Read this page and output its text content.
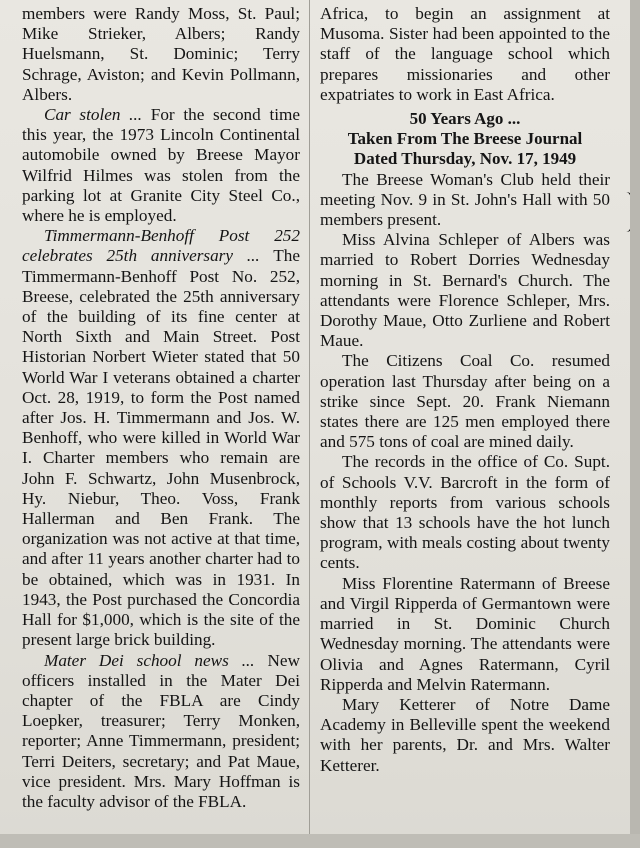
members were Randy Moss, St. Paul; Mike Strieker, Albers; Randy Huelsmann, St. Dominic; Terry Schrage, Aviston; and Kevin Pollmann, Albers.

Car stolen ... For the second time this year, the 1973 Lincoln Continental automobile owned by Breese Mayor Wilfrid Hilmes was stolen from the parking lot at Granite City Steel Co., where he is employed.

Timmermann-Benhoff Post 252 celebrates 25th anniversary ... The Timmermann-Benhoff Post No. 252, Breese, celebrated the 25th anniversary of the building of its fine center at North Sixth and Main Street. Post Historian Norbert Wieter stated that 50 World War I veterans obtained a charter Oct. 28, 1919, to form the Post named after Jos. H. Timmermann and Jos. W. Benhoff, who were killed in World War I. Charter members who remain are John F. Schwartz, John Musenbrock, Hy. Niebur, Theo. Voss, Frank Hallerman and Ben Frank. The organization was not active at that time, and after 11 years another charter had to be obtained, which was in 1931. In 1943, the Post purchased the Concordia Hall for $1,000, which is the site of the present large brick building.

Mater Dei school news ... New officers installed in the Mater Dei chapter of the FBLA are Cindy Loepker, treasurer; Terry Monken, reporter; Anne Timmermann, president; Terri Deiters, secretary; and Pat Maue, vice president. Mrs. Mary Hoffman is the faculty advisor of the FBLA.

Africa, to begin an assignment at Musoma. Sister had been appointed to the staff of the language school which prepares missionaries and other expatriates to work in East Africa.

50 Years Ago ...
Taken From The Breese Journal
Dated Thursday, Nov. 17, 1949

The Breese Woman's Club held their meeting Nov. 9 in St. John's Hall with 50 members present.

Miss Alvina Schleper of Albers was married to Robert Dorries Wednesday morning in St. Bernard's Church. The attendants were Florence Schleper, Mrs. Dorothy Maue, Otto Zurliene and Robert Maue.

The Citizens Coal Co. resumed operation last Thursday after being on a strike since Sept. 20. Frank Niemann states there are 125 men employed there and 575 tons of coal are mined daily.

The records in the office of Co. Supt. of Schools V.V. Barcroft in the form of monthly reports from various schools show that 13 schools have the hot lunch program, with meals costing about twenty cents.

Miss Florentine Ratermann of Breese and Virgil Ripperda of Germantown were married in St. Dominic Church Wednesday morning. The attendants were Olivia and Agnes Ratermann, Cyril Ripperda and Melvin Ratermann.

Mary Ketterer of Notre Dame Academy in Belleville spent the weekend with her parents, Dr. and Mrs. Walter Ketterer.
